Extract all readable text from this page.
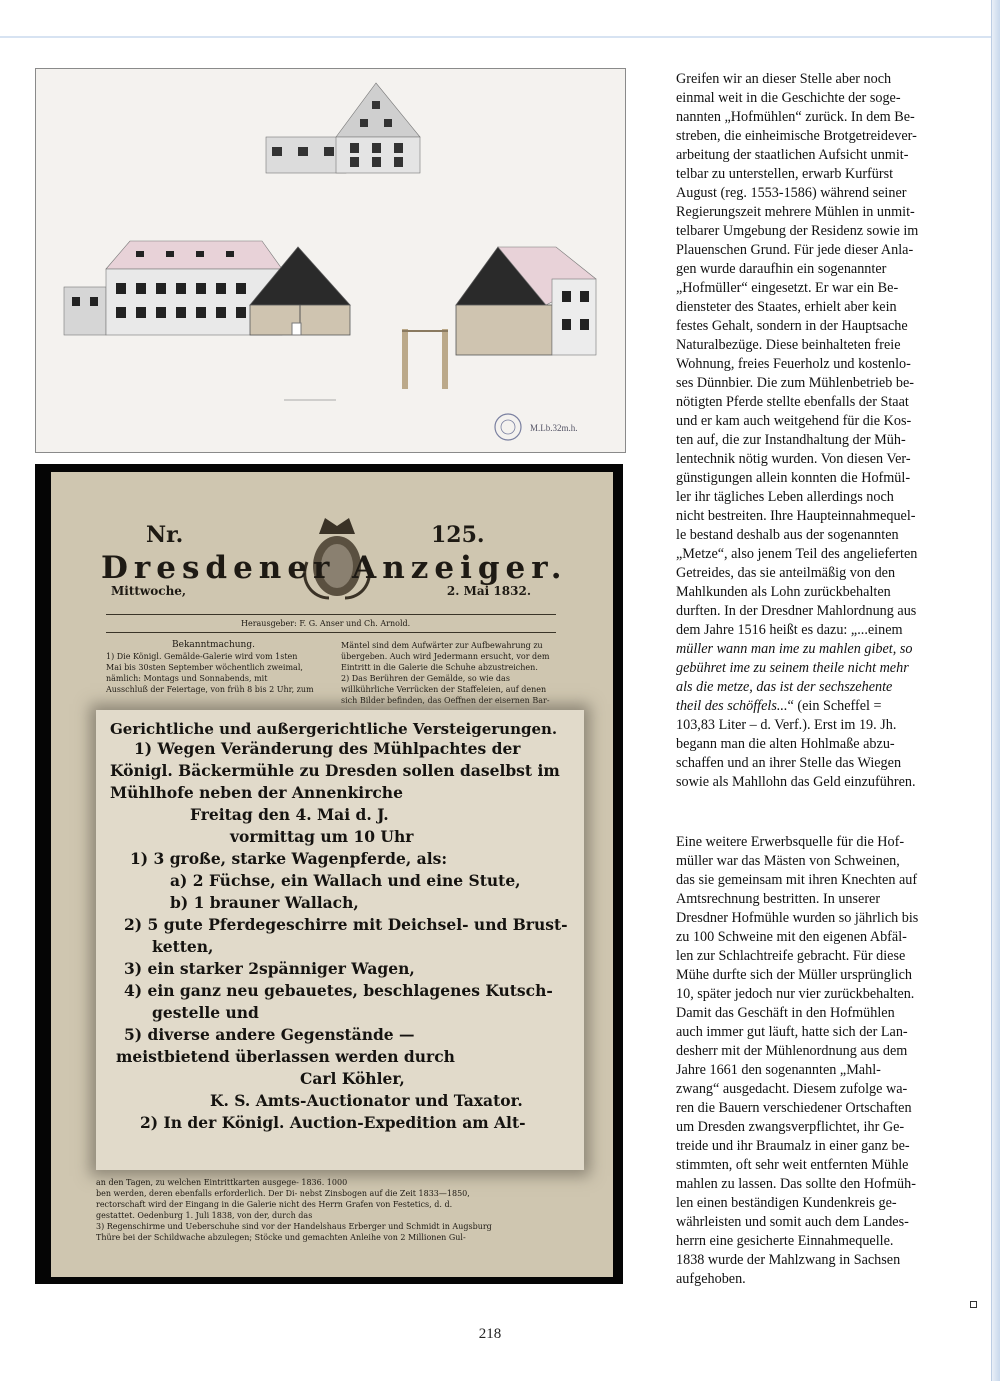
M.Lb.32m.h.
Nr.	125.
Dresdener Anzeiger.
Mittwoche,	2. Mai 1832.
Herausgeber: F. G. Anser und Ch. Arnold.
Bekanntmachung.
1) Die Königl. Gemälde-Galerie wird vom 1sten
Mai bis 30sten September wöchentlich zweimal,
nämlich: Montags und Sonnabends, mit
Ausschluß der Feiertage, von früh 8 bis 2 Uhr, zum
Mäntel sind dem Aufwärter zur Aufbewahrung zu
übergeben. Auch wird Jedermann ersucht, vor dem
Eintritt in die Galerie die Schuhe abzustreichen.
2) Das Berühren der Gemälde, so wie das
willkührliche Verrücken der Staffeleien, auf denen
sich Bilder befinden, das Oeffnen der eisernen Bar-
Gerichtliche und außergerichtliche Versteigerungen.
1) Wegen Veränderung des Mühlpachtes der
Königl. Bäckermühle zu Dresden sollen daselbst im
Mühlhofe neben der Annenkirche
Freitag den 4. Mai d. J.
vormittag um 10 Uhr
1) 3 große, starke Wagenpferde, als:
a) 2 Füchse, ein Wallach und eine Stute,
b) 1 brauner Wallach,
2) 5 gute Pferdegeschirre mit Deichsel- und Brust-
ketten,
3) ein starker 2spänniger Wagen,
4) ein ganz neu gebauetes, beschlagenes Kutsch-
gestelle und
5) diverse andere Gegenstände —
meistbietend überlassen werden durch
Carl Köhler,
K. S. Amts-Auctionator und Taxator.
2) In der Königl. Auction-Expedition am Alt-
an den Tagen, zu welchen Eintrittkarten ausgege- 1836. 1000
ben werden, deren ebenfalls erforderlich. Der Di- nebst Zinsbogen auf die Zeit 1833—1850,
rectorschaft wird der Eingang in die Galerie nicht des Herrn Grafen von Festetics, d. d.
gestattet. Oedenburg 1. Juli 1838, von der, durch das
3) Regenschirme und Ueberschuhe sind vor der Handelshaus Erberger und Schmidt in Augsburg
Thüre bei der Schildwache abzulegen; Stöcke und gemachten Anleihe von 2 Millionen Gul-

Greifen wir an dieser Stelle aber noch

einmal weit in die Geschichte der soge-

nannten „Hofmühlen“ zurück. In dem Be-

streben, die einheimische Brotgetreidever-

arbeitung der staatlichen Aufsicht unmit-

telbar zu unterstellen, erwarb Kurfürst

August (reg. 1553-1586) während seiner

Regierungszeit mehrere Mühlen in unmit-

telbarer Umgebung der Residenz sowie im

Plauenschen Grund. Für jede dieser Anla-

gen wurde daraufhin ein sogenannter

„Hofmüller“ eingesetzt. Er war ein Be-

diensteter des Staates, erhielt aber kein

festes Gehalt, sondern in der Hauptsache

Naturalbezüge. Diese beinhalteten freie

Wohnung, freies Feuerholz und kostenlo-

ses Dünnbier. Die zum Mühlenbetrieb be-

nötigten Pferde stellte ebenfalls der Staat

und er kam auch weitgehend für die Kos-

ten auf, die zur Instandhaltung der Müh-

lentechnik nötig wurden. Von diesen Ver-

günstigungen allein konnten die Hofmül-

ler ihr tägliches Leben allerdings noch

nicht bestreiten. Ihre Haupteinnahmequel-

le bestand deshalb aus der sogenannten

„Metze“, also jenem Teil des angelieferten

Getreides, das sie anteilmäßig von den

Mahlkunden als Lohn zurückbehalten

durften. In der Dresdner Mahlordnung aus

dem Jahre 1516 heißt es dazu: „...einem

müller wann man ime zu mahlen gibet, so

gebühret ime zu seinem theile nicht mehr

als die metze, das ist der sechszehente

theil des schöffels...“ (ein Scheffel =

103,83 Liter – d. Verf.). Erst im 19. Jh.

begann man die alten Hohlmaße abzu-

schaffen und an ihrer Stelle das Wiegen

sowie als Mahllohn das Geld einzuführen.

Eine weitere Erwerbsquelle für die Hof-

müller war das Mästen von Schweinen,

das sie gemeinsam mit ihren Knechten auf

Amtsrechnung bestritten. In unserer

Dresdner Hofmühle wurden so jährlich bis

zu 100 Schweine mit den eigenen Abfäl-

len zur Schlachtreife gebracht. Für diese

Mühe durfte sich der Müller ursprünglich

10, später jedoch nur vier zurückbehalten.

Damit das Geschäft in den Hofmühlen

auch immer gut läuft, hatte sich der Lan-

desherr mit der Mühlenordnung aus dem

Jahre 1661 den sogenannten „Mahl-

zwang“ ausgedacht. Diesem zufolge wa-

ren die Bauern verschiedener Ortschaften

um Dresden zwangsverpflichtet, ihr Ge-

treide und ihr Braumalz in einer ganz be-

stimmten, oft sehr weit entfernten Mühle

mahlen zu lassen. Das sollte den Hofmüh-

len einen beständigen Kundenkreis ge-

währleisten und somit auch dem Landes-

herrn eine gesicherte Einnahmequelle.

1838 wurde der Mahlzwang in Sachsen

aufgehoben.

218
